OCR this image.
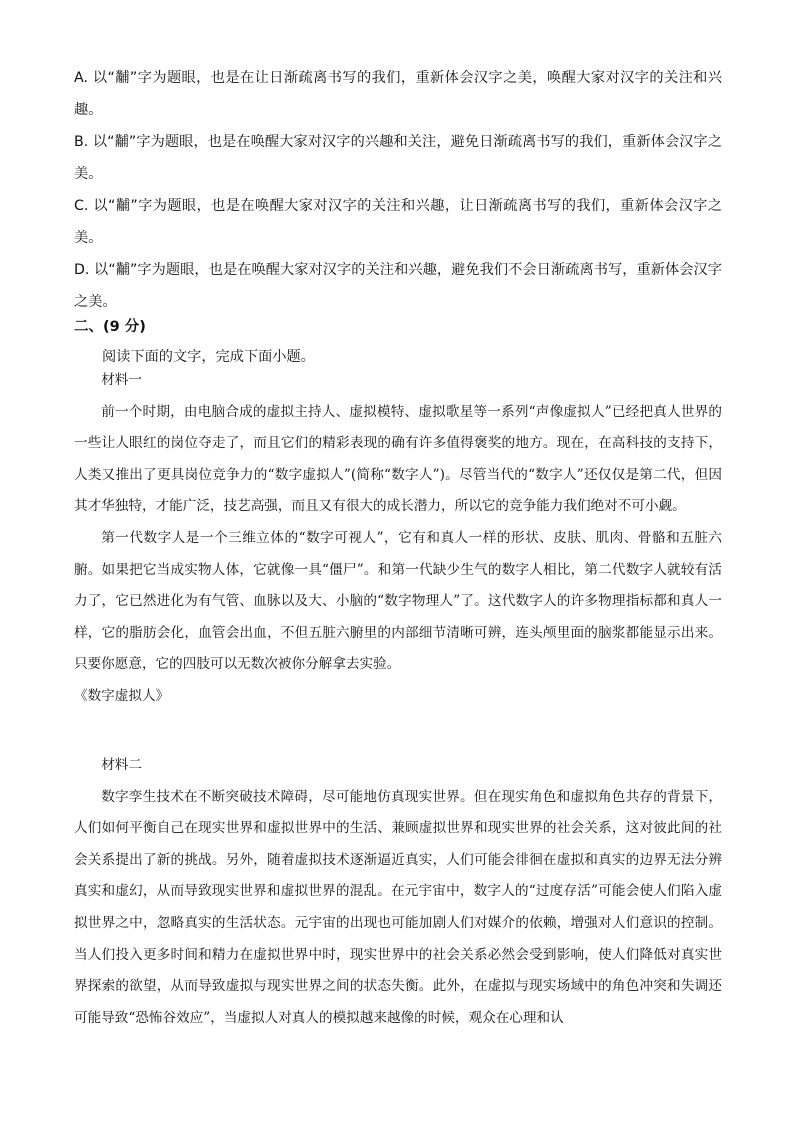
A. 以“黼”字为题眼，也是在让日渐疏离书写的我们，重新体会汉字之美，唤醒大家对汉字的关注和兴趣。

B. 以“黼”字为题眼，也是在唤醒大家对汉字的兴趣和关注，避免日渐疏离书写的我们，重新体会汉字之美。

C. 以“黼”字为题眼，也是在唤醒大家对汉字的关注和兴趣，让日渐疏离书写的我们，重新体会汉字之美。

D. 以“黼”字为题眼，也是在唤醒大家对汉字的关注和兴趣，避免我们不会日渐疏离书写，重新体会汉字之美。

二、(9 分)
阅读下面的文字，完成下面小题。

材料一

前一个时期，由电脑合成的虚拟主持人、虚拟模特、虚拟歌星等一系列“声像虚拟人”已经把真人世界的一些让人眼红的岗位夺走了，而且它们的精彩表现的确有许多值得褒奖的地方。现在，在高科技的支持下，人类又推出了更具岗位竞争力的“数字虚拟人”(简称“数字人”)。尽管当代的“数字人”还仅仅是第二代，但因其才华独特，才能广泛，技艺高强，而且又有很大的成长潜力，所以它的竞争能力我们绝对不可小觑。

第一代数字人是一个三维立体的“数字可视人”，它有和真人一样的形状、皮肤、肌肉、骨骼和五脏六腑。如果把它当成实物人体，它就像一具“僵尸”。和第一代缺少生气的数字人相比，第二代数字人就较有活力了，它已然进化为有气管、血脉以及大、小脑的“数字物理人”了。这代数字人的许多物理指标都和真人一样，它的脂肪会化，血管会出血，不但五脏六腑里的内部细节清晰可辨，连头颅里面的脑浆都能显示出来。只要你愿意，它的四肢可以无数次被你分解拿去实验。

《数字虚拟人》

材料二

数字孪生技术在不断突破技术障碍，尽可能地仿真现实世界。但在现实角色和虚拟角色共存的背景下，人们如何平衡自己在现实世界和虚拟世界中的生活、兼顾虚拟世界和现实世界的社会关系，这对彼此间的社会关系提出了新的挑战。另外，随着虚拟技术逐渐逼近真实，人们可能会徘徊在虚拟和真实的边界无法分辨真实和虚幻，从而导致现实世界和虚拟世界的混乱。在元宇宙中，数字人的“过度存活”可能会使人们陷入虚拟世界之中，忽略真实的生活状态。元宇宙的出现也可能加剧人们对媒介的依赖，增强对人们意识的控制。当人们投入更多时间和精力在虚拟世界中时，现实世界中的社会关系必然会受到影响，使人们降低对真实世界探索的欲望，从而导致虚拟与现实世界之间的状态失衡。此外，在虚拟与现实场域中的角色冲突和失调还可能导致“恐怖谷效应”，当虚拟人对真人的模拟越来越像的时候，观众在心理和认
